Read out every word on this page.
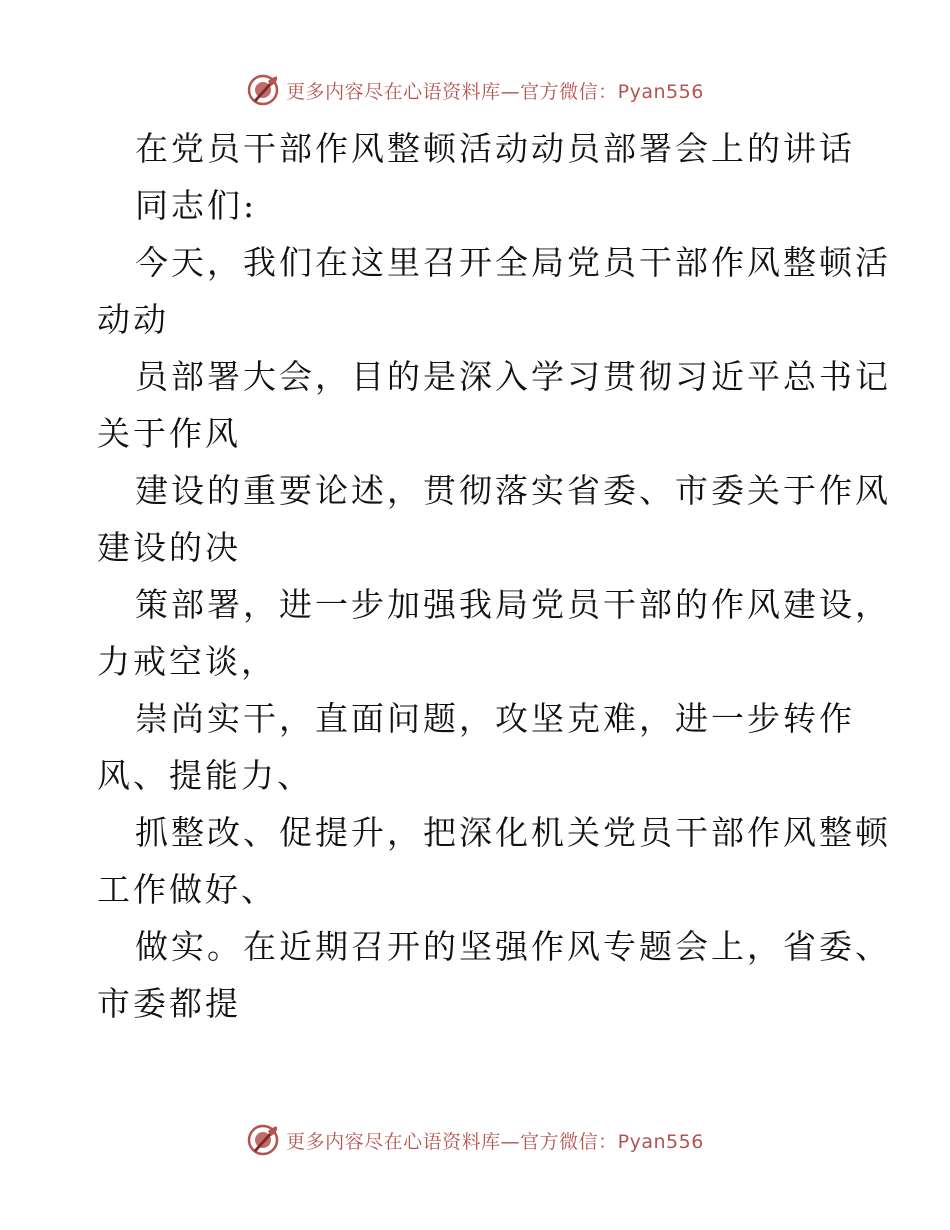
更多内容尽在心语资料库—官方微信：Pyan556
在党员干部作风整顿活动动员部署会上的讲话
同志们:
今天，我们在这里召开全局党员干部作风整顿活
动动
员部署大会，目的是深入学习贯彻习近平总书记
关于作风
建设的重要论述，贯彻落实省委、市委关于作风
建设的决
策部署，进一步加强我局党员干部的作风建设，
力戒空谈，
崇尚实干，直面问题，攻坚克难，进一步转作
风、提能力、
抓整改、促提升，把深化机关党员干部作风整顿
工作做好、
做实。在近期召开的坚强作风专题会上，省委、
市委都提
更多内容尽在心语资料库—官方微信：Pyan556
